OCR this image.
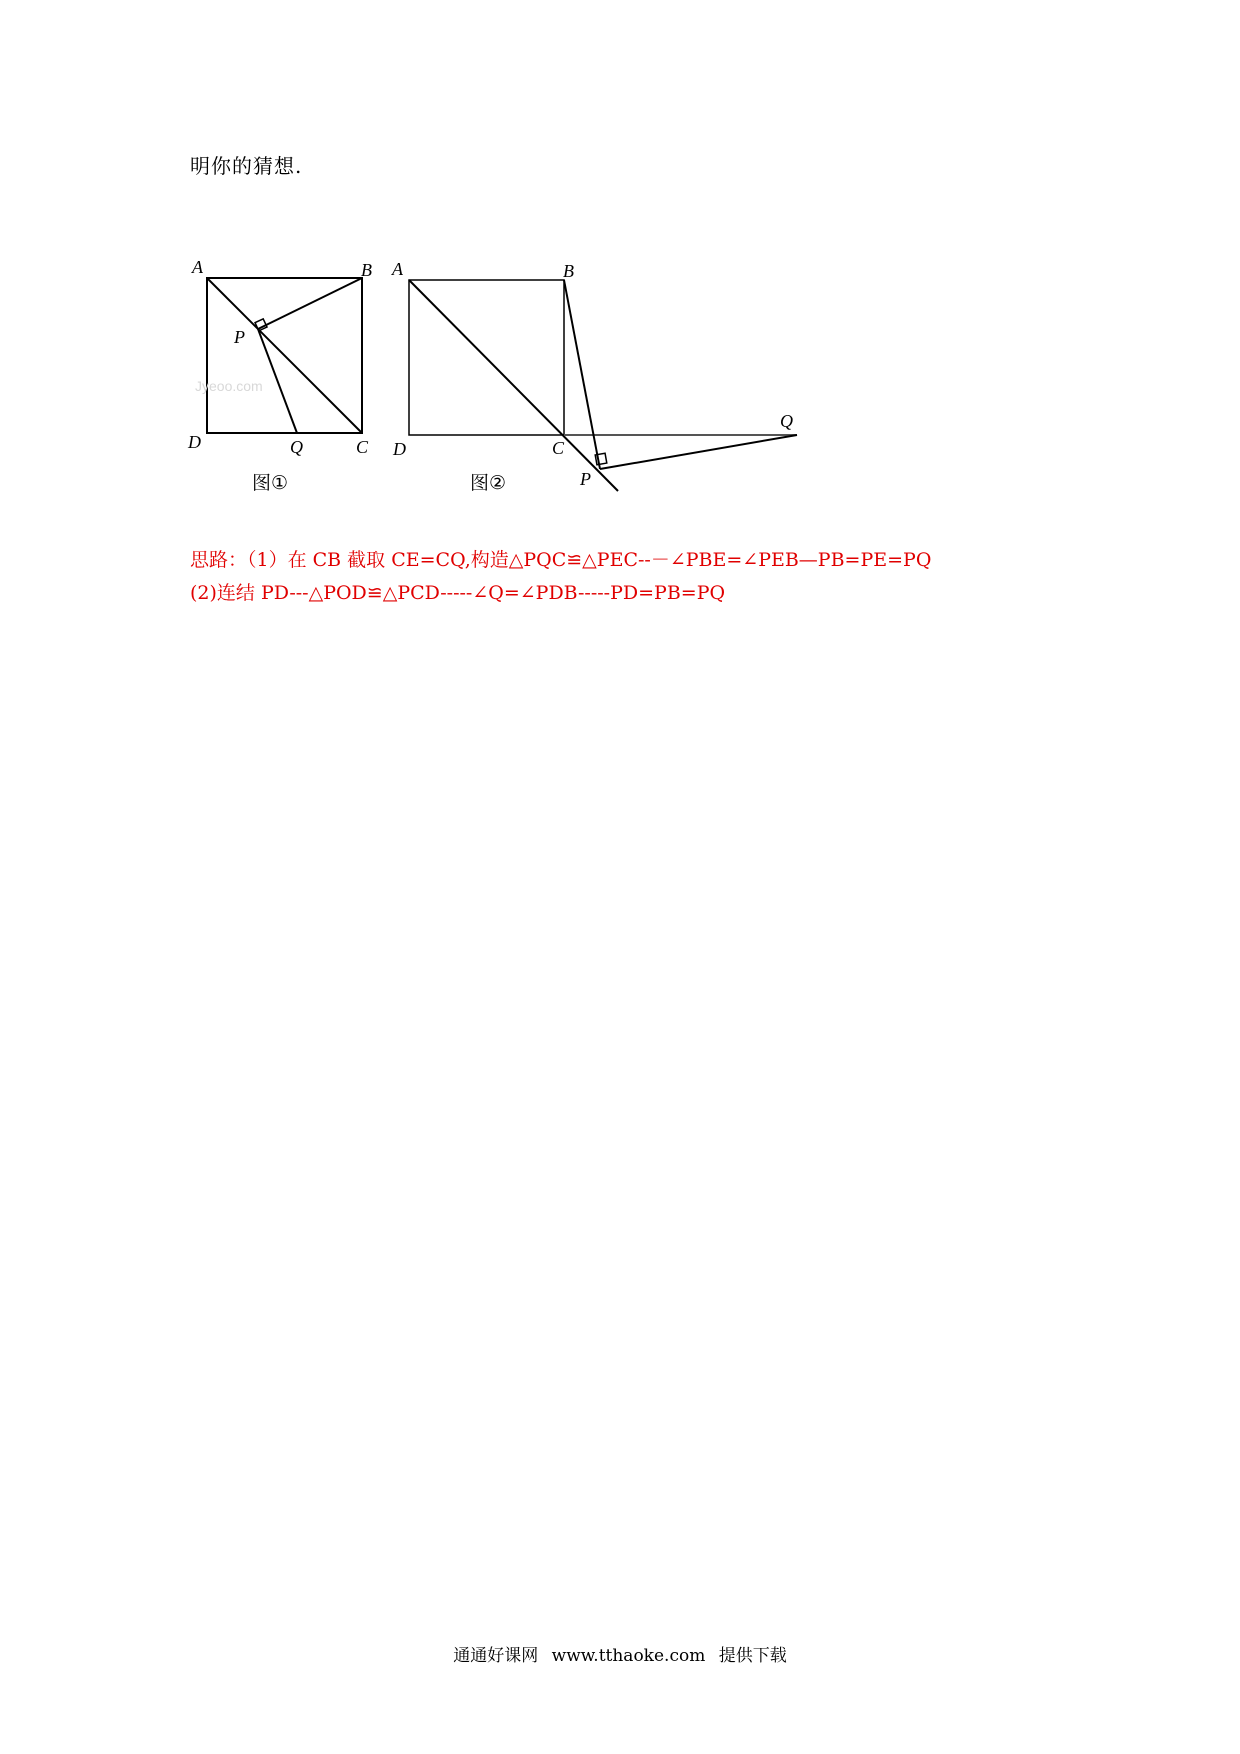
明你的猜想.

Jyeoo.com
A	B
C
D
P
Q
图①
A	B
C
D
P
Q
图②

思路：（1）在 CB 截取 CE=CQ,构造△PQC≌△PEC--－∠PBE=∠PEB—PB=PE=PQ

(2)连结 PD---△POD≌△PCD-----∠Q=∠PDB-----PD=PB=PQ

通通好课网 www.tthaoke.com 提供下载
